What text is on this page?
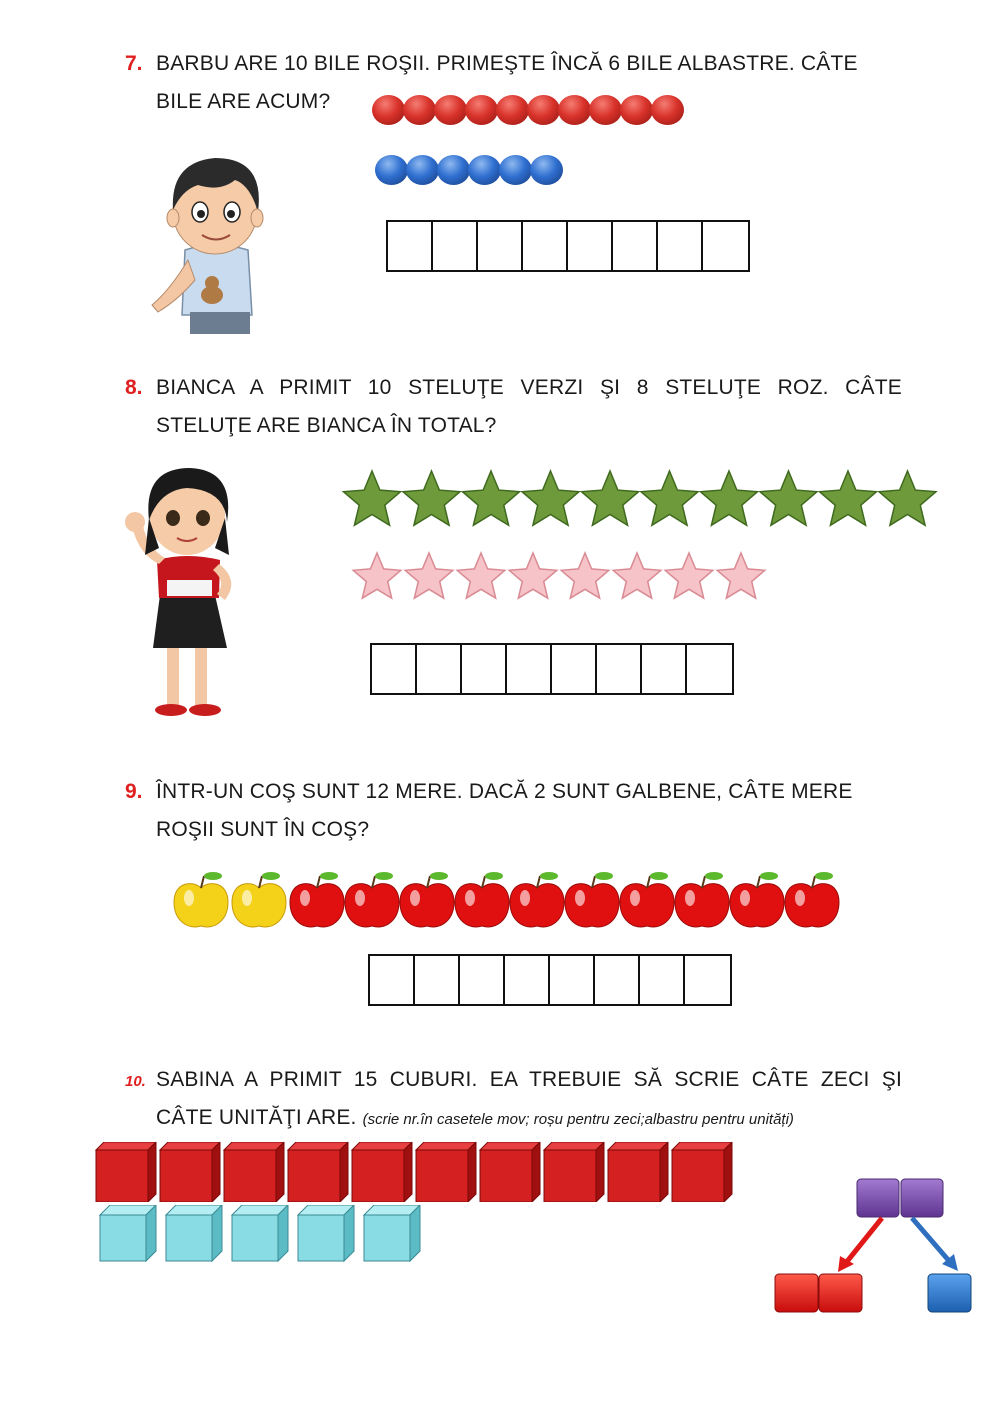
7. BARBU ARE 10 BILE ROŞII. PRIMEŞTE ÎNCĂ 6 BILE ALBASTRE. CÂTE
BILE ARE ACUM?
8. BIANCA A PRIMIT 10 STELUŢE VERZI ŞI 8 STELUŢE ROZ. CÂTE
STELUŢE ARE BIANCA ÎN TOTAL?
9. ÎNTR-UN COŞ SUNT 12 MERE. DACĂ 2 SUNT GALBENE, CÂTE MERE
ROŞII SUNT ÎN COŞ?
10. SABINA A PRIMIT 15 CUBURI. EA TREBUIE SĂ SCRIE CÂTE ZECI ŞI
CÂTE UNITĂŢI ARE. (scrie nr.în casetele mov; roșu pentru zeci;albastru pentru unități)
